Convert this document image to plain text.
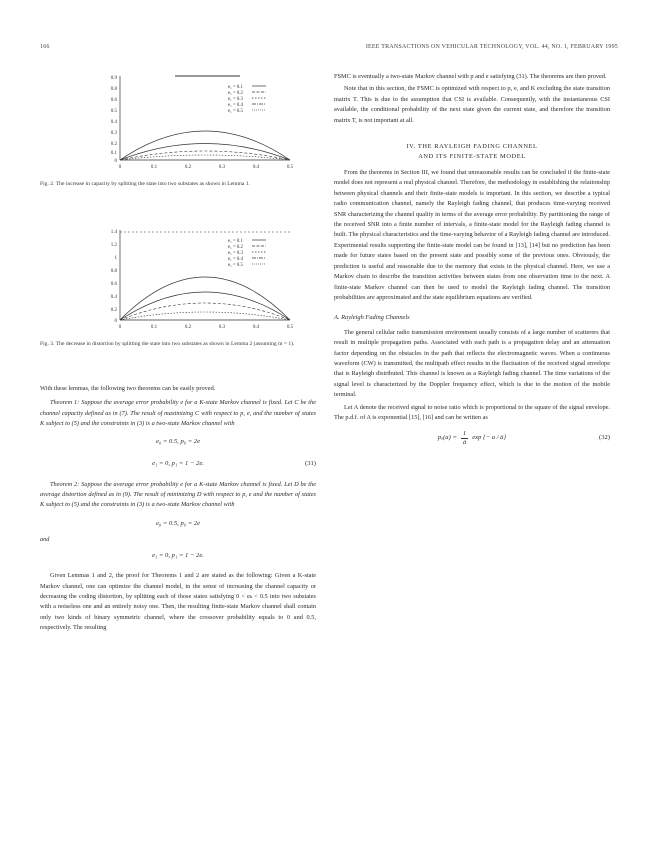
166	IEEE TRANSACTIONS ON VEHICULAR TECHNOLOGY, VOL. 44, NO. 1, FEBRUARY 1995
0.9
0.8
0.6
0.5
0.4
0.3
0.2
0.1
0
0	0.1	0.2	0.3	0.4	0.5
e₁ = 0.1
e₁ = 0.2
e₁ = 0.3
e₁ = 0.4
e₁ = 0.5
Fig. 2. The increase in capacity by splitting the state into two substates as shown in Lemma 1.
1.4
1.2
1
0.8
0.6
0.4
0.2
0
0	0.1	0.2	0.3	0.4	0.5
e₁ = 0.1
e₁ = 0.2
e₁ = 0.3
e₁ = 0.4
e₁ = 0.5
Fig. 3. The decrease in distortion by splitting the state into two substates as shown in Lemma 2 (assuming m = 1).

With these lemmas, the following two theorems can be easily proved.

Theorem 1: Suppose the average error probability e for a K-state Markov channel is fixed. Let C be the channel capacity defined as in (7). The result of maximizing C with respect to p, e, and the number of states K subject to (5) and the constraints in (3) is a two-state Markov channel with

e₀ = 0.5, p₀ = 2e
e₁ = 0, p₁ = 1 − 2e.	(31)

Theorem 2: Suppose the average error probability e for a K-state Markov channel is fixed. Let D be the average distortion defined as in (9). The result of minimizing D with respect to p, e and the number of states K subject to (5) and the constraints in (3) is a two-state Markov channel with

e₀ = 0.5, p₀ = 2e

and

e₁ = 0, p₁ = 1 − 2e.

Given Lemmas 1 and 2, the proof for Theorems 1 and 2 are stated as the following: Given a K-state Markov channel, one can optimize the channel model, in the sense of increasing the channel capacity or decreasing the coding distortion, by splitting each of those states satisfying 0 < eₖ < 0.5 into two substates with a noiseless one and an entirely noisy one. Then, the resulting finite-state Markov channel shall contain only two kinds of binary symmetric channel, where the crossover probability equals to 0 and 0.5, respectively. The resulting

FSMC is eventually a two-state Markov channel with p and e satisfying (31). The theorems are then proved.

Note that in this section, the FSMC is optimized with respect to p, e, and K excluding the state transition matrix T. This is due to the assumption that CSI is available. Consequently, with the instantaneous CSI available, the conditional probability of the next state given the current state, and therefore the transition matrix T, is not important at all.

IV. THE RAYLEIGH FADING CHANNEL
AND ITS FINITE-STATE MODEL

From the theorems in Section III, we found that unreasonable results can be concluded if the finite-state model does not represent a real physical channel. Therefore, the methodology in establishing the relationship between physical channels and their finite-state models is important. In this section, we describe a typical radio communication channel, namely the Rayleigh fading channel, that produces time-varying received SNR characterizing the channel quality in terms of the average error probability. By partitioning the range of the received SNR into a finite number of intervals, a finite-state model for the Rayleigh fading channel is built. The physical characteristics and the time-varying behavior of a Rayleigh fading channel are introduced. Experimental results supporting the finite-state model can be found in [13], [14] but no prediction has been made for future states based on the present state and possibly some of the previous ones. Obviously, the prediction is useful and reasonable due to the memory that exists in the physical channel. Here, we use a Markov chain to describe the transition activities between states from one observation time to the next. A finite-state Markov channel can then be used to model the Rayleigh fading channel. The transition probabilities are approximated and the state equilibrium equations are verified.

A. Rayleigh Fading Channels

The general cellular radio transmission environment usually consists of a large number of scatterers that result in multiple propagation paths. Associated with each path is a propagation delay and an attenuation factor depending on the obstacles in the path that reflects the electromagnetic waves. When a continuous waveform (CW) is transmitted, the multipath effect results in the fluctuation of the received signal envelope that is Rayleigh distributed. This channel is known as a Rayleigh fading channel. The time variations of the signal level is characterized by the Doppler frequency effect, which is due to the motion of the mobile terminal.

Let A denote the received signal to noise ratio which is proportional to the square of the signal envelope. The p.d.f. of A is exponential [15], [16] and can be written as

$p_a(a) = \frac{1}{ā}$ exp {− a / ā}	(32)
